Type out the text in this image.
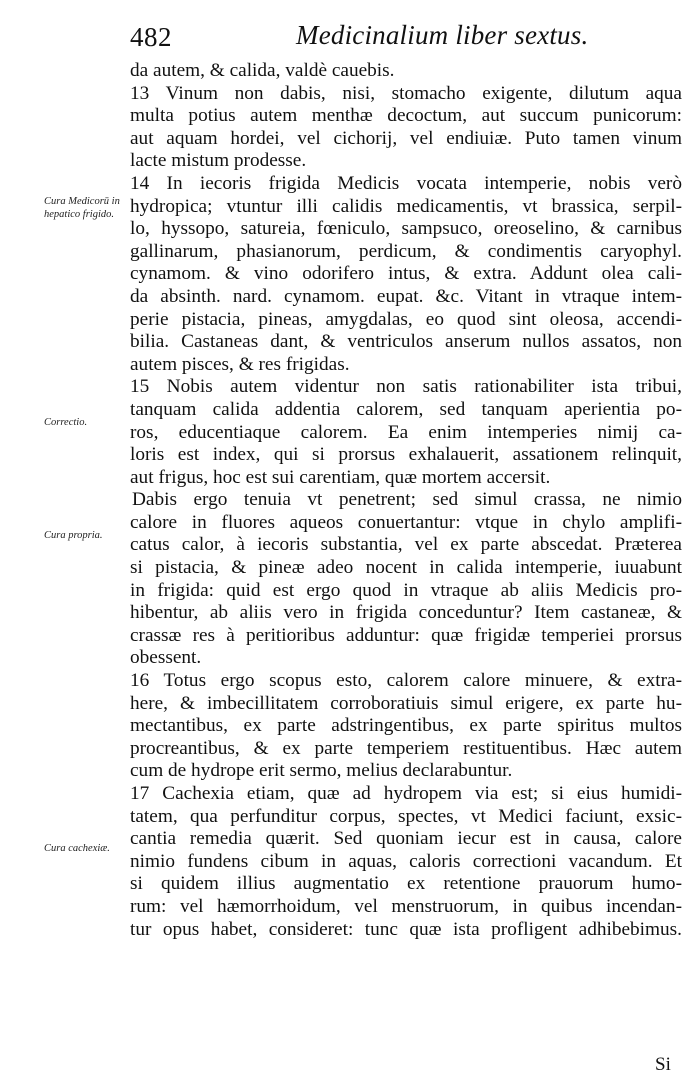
482	Medicinalium liber sextus.
da autem, & calida, valdè cauebis.
13 Vinum non dabis, nisi, stomacho exigente, dilutum aqua
multa potius autem menthæ decoctum, aut succum punicorum:
aut aquam hordei, vel cichorij, vel endiuiæ. Puto tamen vinum
lacte mistum prodesse.
14 In iecoris frigida Medicis vocata intemperie, nobis verò
hydropica; vtuntur illi calidis medicamentis, vt brassica, serpil-
lo, hyssopo, satureia, fœniculo, sampsuco, oreoselino, & carnibus
gallinarum, phasianorum, perdicum, & condimentis caryophyl.
cynamom. & vino odorifero intus, & extra. Addunt olea cali-
da absinth. nard. cynamom. eupat. &c. Vitant in vtraque intem-
perie pistacia, pineas, amygdalas, eo quod sint oleosa, accendi-
bilia. Castaneas dant, & ventriculos anserum nullos assatos, non
autem pisces, & res frigidas.
15 Nobis autem videntur non satis rationabiliter ista tribui,
tanquam calida addentia calorem, sed tanquam aperientia po-
ros, educentiaque calorem. Ea enim intemperies nimij ca-
loris est index, qui si prorsus exhalauerit, assationem relinquit,
aut frigus, hoc est sui carentiam, quæ mortem accersit.
Dabis ergo tenuia vt penetrent; sed simul crassa, ne nimio
calore in fluores aqueos conuertantur: vtque in chylo amplifi-
catus calor, à iecoris substantia, vel ex parte abscedat. Præterea
si pistacia, & pineæ adeo nocent in calida intemperie, iuuabunt
in frigida: quid est ergo quod in vtraque ab aliis Medicis pro-
hibentur, ab aliis vero in frigida conceduntur? Item castaneæ, &
crassæ res à peritioribus adduntur: quæ frigidæ temperiei prorsus
obessent.
16 Totus ergo scopus esto, calorem calore minuere, & extra-
here, & imbecillitatem corroboratiuis simul erigere, ex parte hu-
mectantibus, ex parte adstringentibus, ex parte spiritus multos
procreantibus, & ex parte temperiem restituentibus. Hæc autem
cum de hydrope erit sermo, melius declarabuntur.
17 Cachexia etiam, quæ ad hydropem via est; si eius humidi-
tatem, qua perfunditur corpus, spectes, vt Medici faciunt, exsic-
cantia remedia quærit. Sed quoniam iecur est in causa, calore
nimio fundens cibum in aquas, caloris correctioni vacandum. Et
si quidem illius augmentatio ex retentione prauorum humo-
rum: vel hæmorrhoidum, vel menstruorum, in quibus incendan-
tur opus habet, consideret: tunc quæ ista profligent adhibebimus.
Cura Medicorū in hepatico frigido.
Correctio.
Cura propria.
Cura cachexiæ.
Si
